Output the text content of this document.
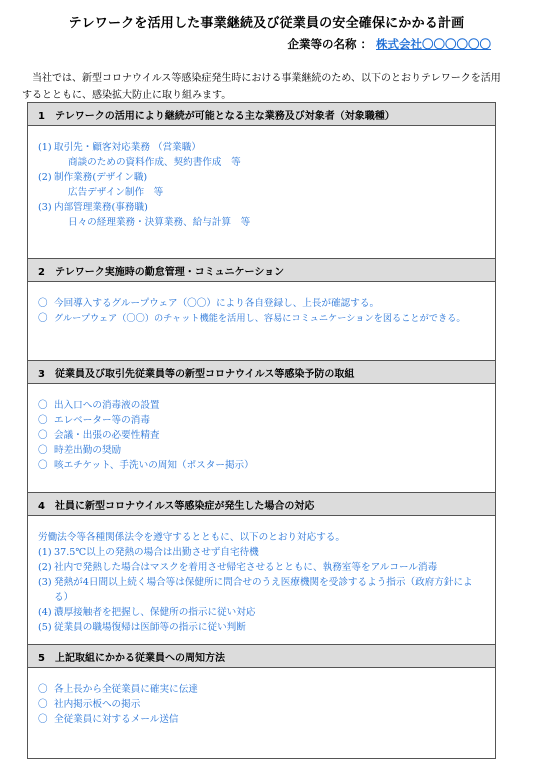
テレワークを活用した事業継続及び従業員の安全確保にかかる計画
企業等の名称 ： 株式会社〇〇〇〇〇〇
当社では、新型コロナウイルス等感染症発生時における事業継続のため、以下のとおりテレワークを活用するとともに、感染拡大防止に取り組みます。
1　テレワークの活用により継続が可能となる主な業務及び対象者（対象職種）
(1) 取引先・顧客対応業務 （営業職）
商談のための資料作成、契約書作成　等
(2) 制作業務(デザイン職)
広告デザイン制作　等
(3) 内部管理業務(事務職)
日々の経理業務・決算業務、給与計算　等
2　テレワーク実施時の勤怠管理・コミュニケーション
〇 今回導入するグループウェア（〇〇）により各自登録し、上長が確認する。
〇 グループウェア（〇〇）のチャット機能を活用し、容易にコミュニケーションを図ることができる。
3　従業員及び取引先従業員等の新型コロナウイルス等感染予防の取組
〇 出入口への消毒液の設置
〇 エレベーター等の消毒
〇 会議・出張の必要性精査
〇 時差出勤の奨励
〇 咳エチケット、手洗いの周知（ポスター掲示）
4　社員に新型コロナウイルス等感染症が発生した場合の対応
労働法令等各種関係法令を遵守するとともに、以下のとおり対応する。
(1) 37.5℃以上の発熱の場合は出勤させず自宅待機
(2) 社内で発熱した場合はマスクを着用させ帰宅させるとともに、執務室等をアルコール消毒
(3) 発熱が4日間以上続く場合等は保健所に問合せのうえ医療機関を受診するよう指示（政府方針による）
(4) 濃厚接触者を把握し、保健所の指示に従い対応
(5) 従業員の職場復帰は医師等の指示に従い判断
5　上記取組にかかる従業員への周知方法
〇 各上長から全従業員に確実に伝達
〇 社内掲示板への掲示
〇 全従業員に対するメール送信
